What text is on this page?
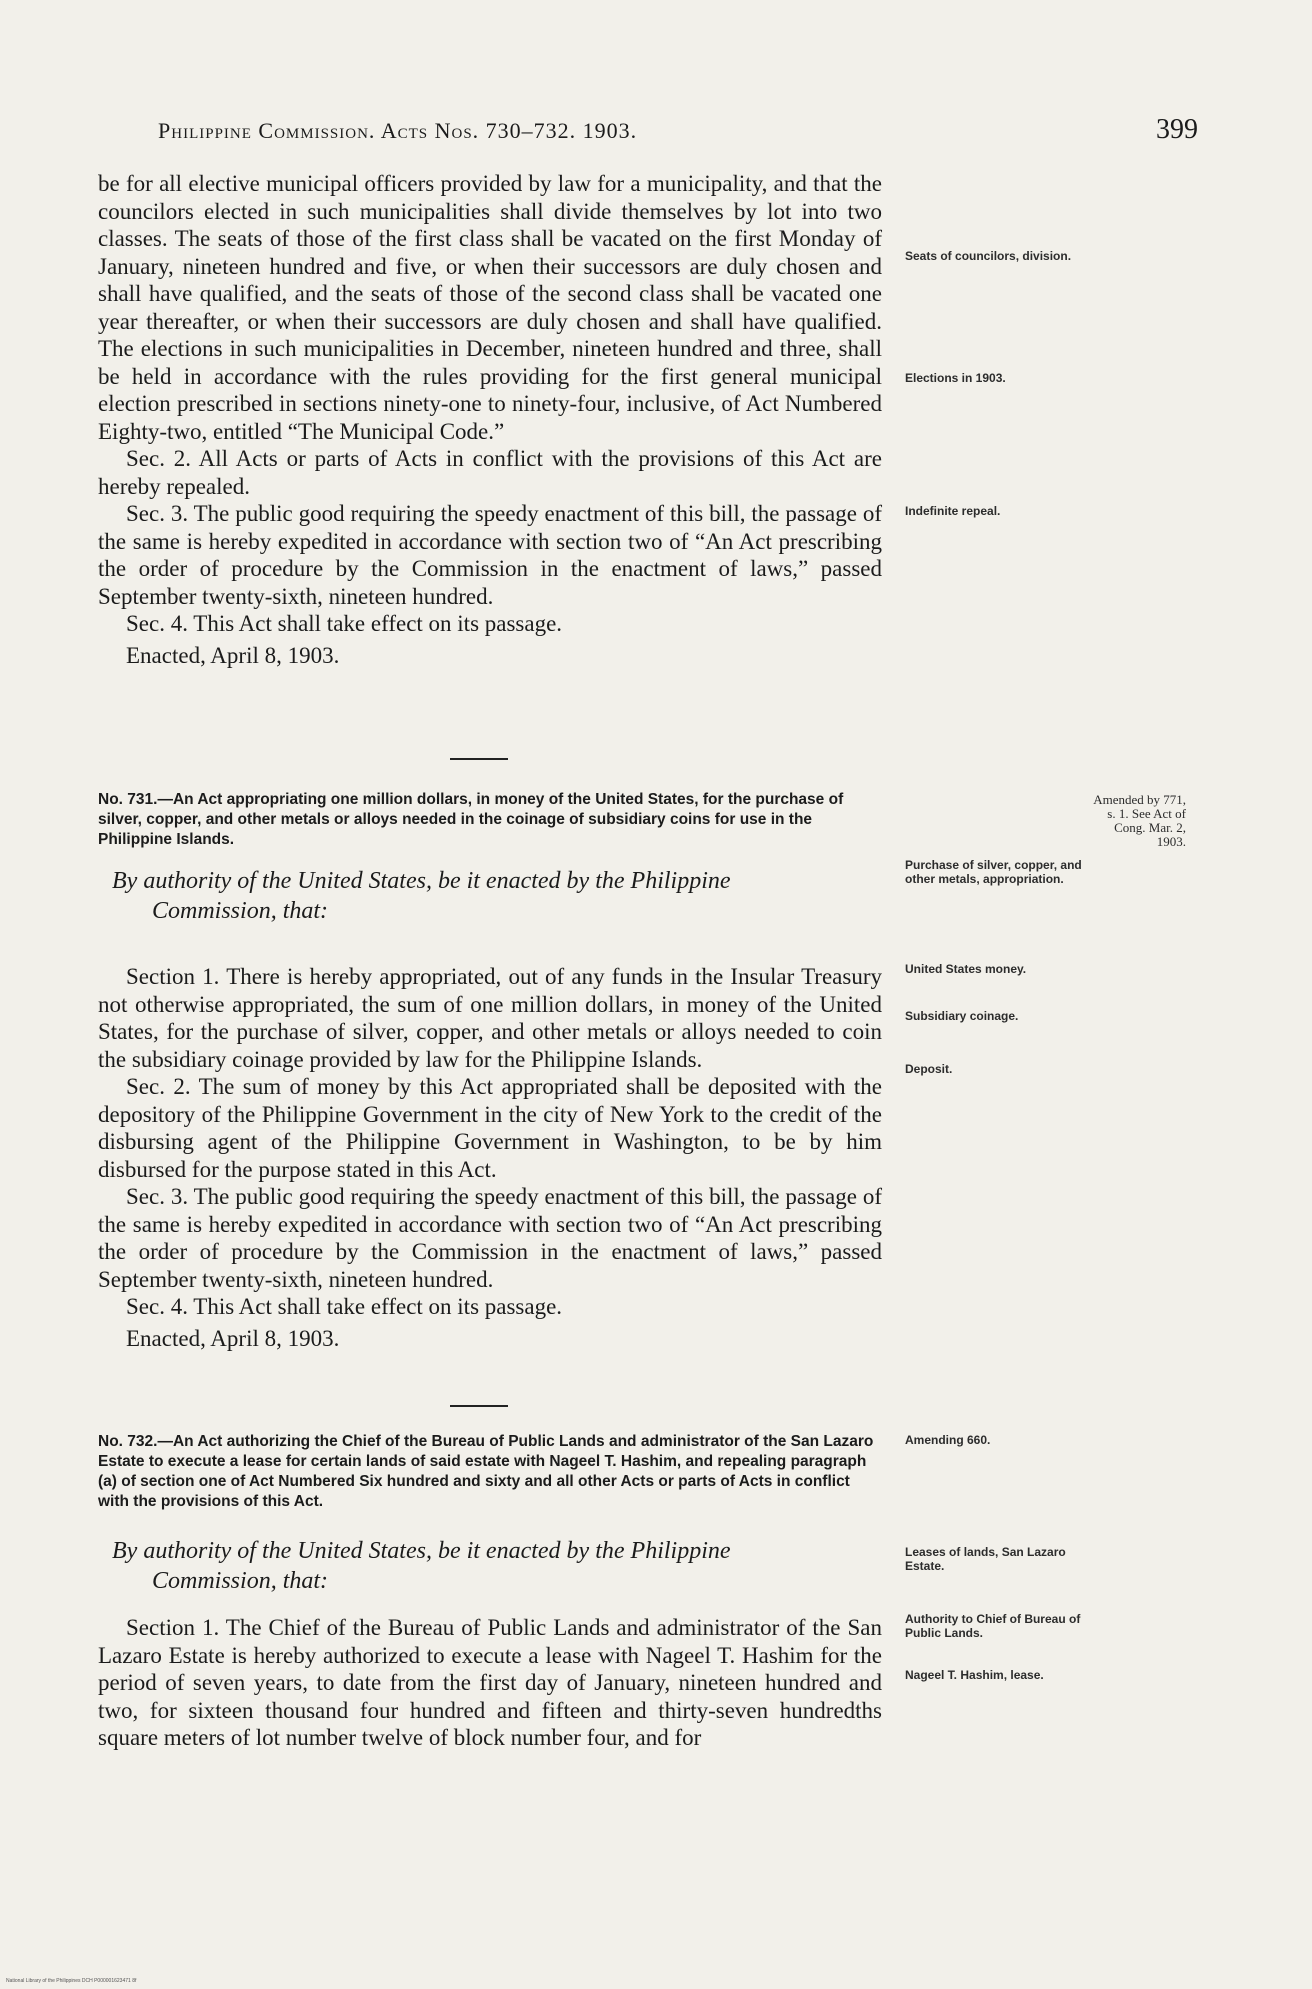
Philippine Commission. Acts Nos. 730–732. 1903.	399

be for all elective municipal officers provided by law for a municipality, and that the councilors elected in such municipalities shall divide themselves by lot into two classes. The seats of those of the first class shall be vacated on the first Monday of January, nineteen hundred and five, or when their successors are duly chosen and shall have qualified, and the seats of those of the second class shall be vacated one year thereafter, or when their successors are duly chosen and shall have qualified. The elections in such municipalities in December, nineteen hundred and three, shall be held in accordance with the rules providing for the first general municipal election prescribed in sections ninety-one to ninety-four, inclusive, of Act Numbered Eighty-two, entitled “The Municipal Code.”

Sec. 2. All Acts or parts of Acts in conflict with the provisions of this Act are hereby repealed.

Sec. 3. The public good requiring the speedy enactment of this bill, the passage of the same is hereby expedited in accordance with section two of “An Act prescribing the order of procedure by the Commission in the enactment of laws,” passed September twenty-sixth, nineteen hundred.

Sec. 4. This Act shall take effect on its passage.

Enacted, April 8, 1903.

Seats of councilors, division.
Elections in 1903.
Indefinite repeal.
No. 731.—An Act appropriating one million dollars, in money of the United States, for the purchase of silver, copper, and other metals or alloys needed in the coinage of subsidiary coins for use in the Philippine Islands.
Amended by 771, s. 1. See Act of Cong. Mar. 2, 1903.
By authority of the United States, be it enacted by the Philippine
Commission, that:
Purchase of silver, copper, and other metals, appropriation.

Section 1. There is hereby appropriated, out of any funds in the Insular Treasury not otherwise appropriated, the sum of one million dollars, in money of the United States, for the purchase of silver, copper, and other metals or alloys needed to coin the subsidiary coinage provided by law for the Philippine Islands.

Sec. 2. The sum of money by this Act appropriated shall be deposited with the depository of the Philippine Government in the city of New York to the credit of the disbursing agent of the Philippine Government in Washington, to be by him disbursed for the purpose stated in this Act.

Sec. 3. The public good requiring the speedy enactment of this bill, the passage of the same is hereby expedited in accordance with section two of “An Act prescribing the order of procedure by the Commission in the enactment of laws,” passed September twenty-sixth, nineteen hundred.

Sec. 4. This Act shall take effect on its passage.

Enacted, April 8, 1903.

United States money.
Subsidiary coinage.
Deposit.
No. 732.—An Act authorizing the Chief of the Bureau of Public Lands and administrator of the San Lazaro Estate to execute a lease for certain lands of said estate with Nageel T. Hashim, and repealing paragraph (a) of section one of Act Numbered Six hundred and sixty and all other Acts or parts of Acts in conflict with the provisions of this Act.
Amending 660.
By authority of the United States, be it enacted by the Philippine
Commission, that:
Leases of lands, San Lazaro Estate.

Section 1. The Chief of the Bureau of Public Lands and administrator of the San Lazaro Estate is hereby authorized to execute a lease with Nageel T. Hashim for the period of seven years, to date from the first day of January, nineteen hundred and two, for sixteen thousand four hundred and fifteen and thirty-seven hundredths square meters of lot number twelve of block number four, and for

Authority to Chief of Bureau of Public Lands.
Nageel T. Hashim, lease.
National Library of the Philippines DCH P000001623471 8f
